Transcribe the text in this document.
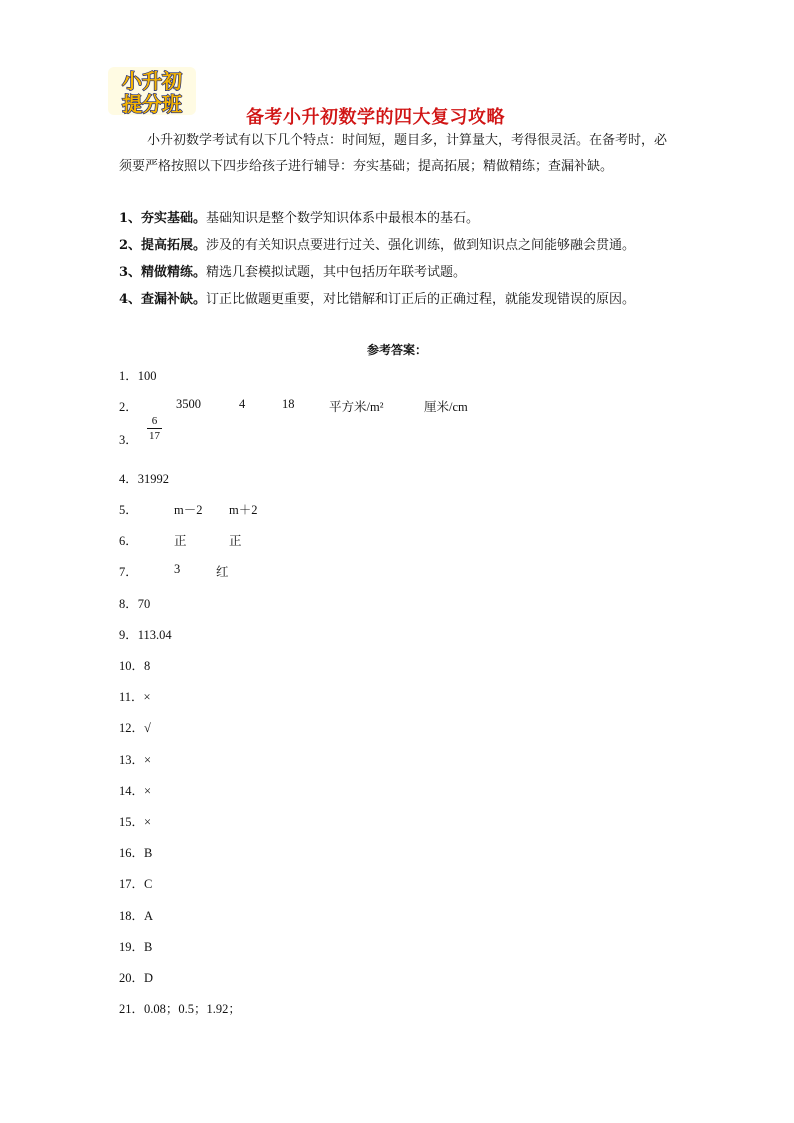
小升初
提分班
备考小升初数学的四大复习攻略
小升初数学考试有以下几个特点：时间短，题目多，计算量大，考得很灵活。在备考时，必须要严格按照以下四步给孩子进行辅导：夯实基础；提高拓展；精做精练；查漏补缺。
1、夯实基础。基础知识是整个数学知识体系中最根本的基石。
2、提高拓展。涉及的有关知识点要进行过关、强化训练，做到知识点之间能够融会贯通。
3、精做精练。精选几套模拟试题，其中包括历年联考试题。
4、查漏补缺。订正比做题更重要，对比错解和订正后的正确过程，就能发现错误的原因。
参考答案：
1．100
2．	3500	4	18	平方米/m²	厘米/cm
3． $\frac{6}{17}$
4．31992
5．	m－2 m＋2
6．	正	正
7．	3	红
8．70
9．113.04
10．8
11．×
12．√
13．×
14．×
15．×
16．B
17．C
18．A
19．B
20．D
21．0.08；0.5；1.92；
